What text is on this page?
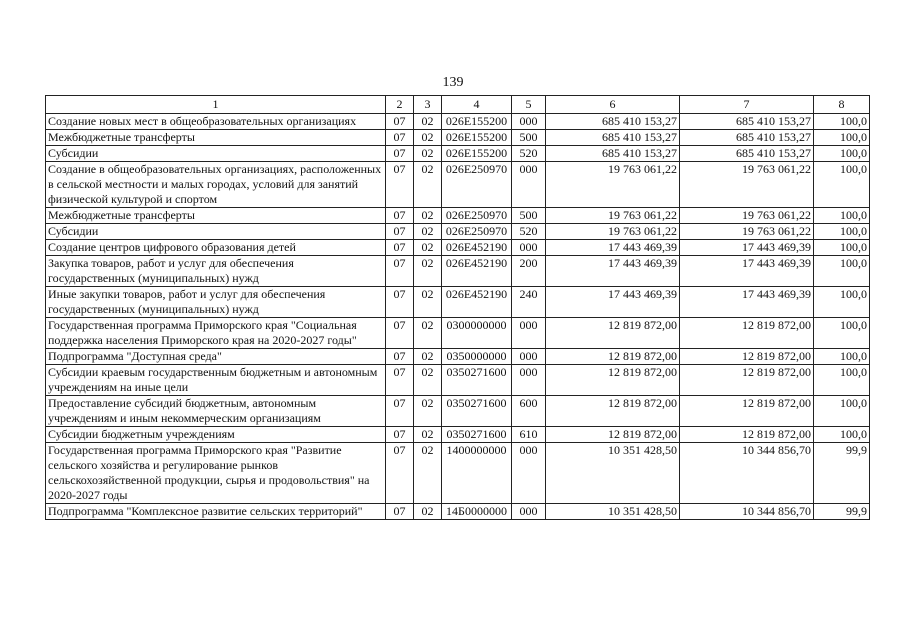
139
1	2	3	4	5	6	7	8
Создание новых мест в общеобразовательных организациях	07	02	026E155200	000	685 410 153,27	685 410 153,27	100,0
Межбюджетные трансферты	07	02	026E155200	500	685 410 153,27	685 410 153,27	100,0
Субсидии	07	02	026E155200	520	685 410 153,27	685 410 153,27	100,0
Создание в общеобразовательных организациях, расположенных в сельской местности и малых городах, условий для занятий физической культурой и спортом	07	02	026E250970	000	19 763 061,22	19 763 061,22	100,0
Межбюджетные трансферты	07	02	026E250970	500	19 763 061,22	19 763 061,22	100,0
Субсидии	07	02	026E250970	520	19 763 061,22	19 763 061,22	100,0
Создание центров цифрового образования детей	07	02	026E452190	000	17 443 469,39	17 443 469,39	100,0
Закупка товаров, работ и услуг для обеспечения государственных (муниципальных) нужд	07	02	026E452190	200	17 443 469,39	17 443 469,39	100,0
Иные закупки товаров, работ и услуг для обеспечения государственных (муниципальных) нужд	07	02	026E452190	240	17 443 469,39	17 443 469,39	100,0
Государственная программа Приморского края "Социальная поддержка населения Приморского края на 2020-2027 годы"	07	02	0300000000	000	12 819 872,00	12 819 872,00	100,0
Подпрограмма "Доступная среда"	07	02	0350000000	000	12 819 872,00	12 819 872,00	100,0
Субсидии краевым государственным бюджетным и автономным учреждениям на иные цели	07	02	0350271600	000	12 819 872,00	12 819 872,00	100,0
Предоставление субсидий бюджетным, автономным учреждениям и иным некоммерческим организациям	07	02	0350271600	600	12 819 872,00	12 819 872,00	100,0
Субсидии бюджетным учреждениям	07	02	0350271600	610	12 819 872,00	12 819 872,00	100,0
Государственная программа Приморского края "Развитие сельского хозяйства и регулирование рынков сельскохозяйственной продукции, сырья и продовольствия" на 2020-2027 годы	07	02	1400000000	000	10 351 428,50	10 344 856,70	99,9
Подпрограмма "Комплексное развитие сельских территорий"	07	02	14Б0000000	000	10 351 428,50	10 344 856,70	99,9
